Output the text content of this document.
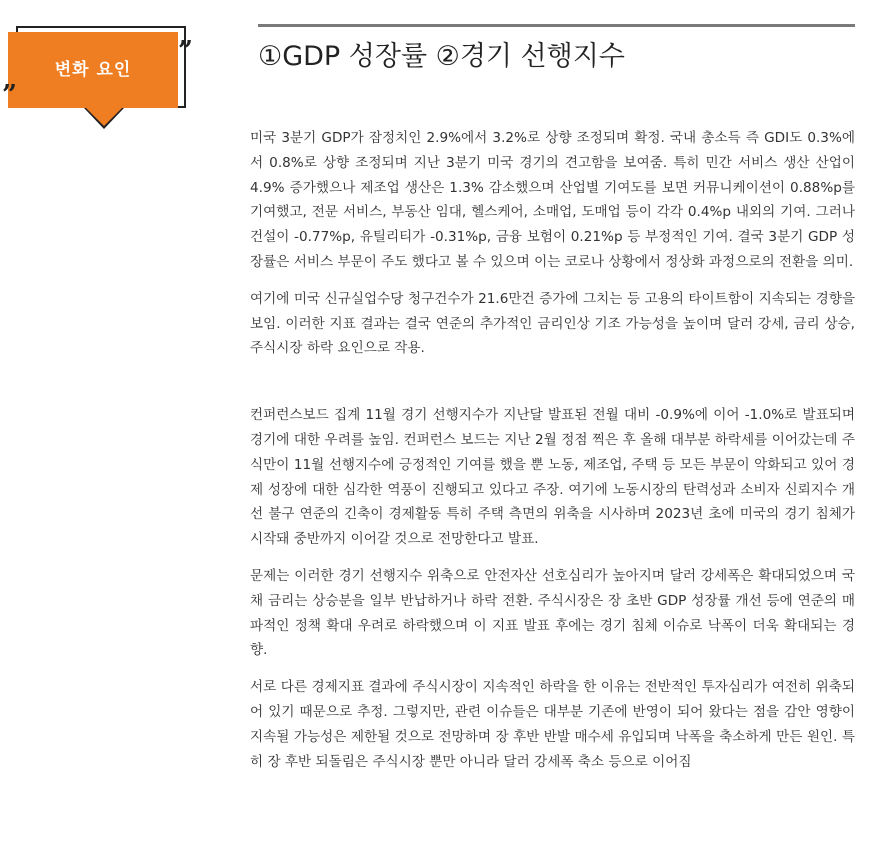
변화 요인
”
”
①GDP 성장률 ②경기 선행지수

미국 3분기 GDP가 잠정치인 2.9%에서 3.2%로 상향 조정되며 확정. 국내 총소득 즉 GDI도 0.3%에서 0.8%로 상향 조정되며 지난 3분기 미국 경기의 견고함을 보여줌. 특히 민간 서비스 생산 산업이 4.9% 증가했으나 제조업 생산은 1.3% 감소했으며 산업별 기여도를 보면 커뮤니케이션이 0.88%p를 기여했고, 전문 서비스, 부동산 임대, 헬스케어, 소매업, 도매업 등이 각각 0.4%p 내외의 기여. 그러나 건설이 -0.77%p, 유틸리티가 -0.31%p, 금융 보험이 0.21%p 등 부정적인 기여. 결국 3분기 GDP 성장률은 서비스 부문이 주도 했다고 볼 수 있으며 이는 코로나 상황에서 정상화 과정으로의 전환을 의미.

여기에 미국 신규실업수당 청구건수가 21.6만건 증가에 그치는 등 고용의 타이트함이 지속되는 경향을 보임. 이러한 지표 결과는 결국 연준의 추가적인 금리인상 기조 가능성을 높이며 달러 강세, 금리 상승, 주식시장 하락 요인으로 작용.

컨퍼런스보드 집계 11월 경기 선행지수가 지난달 발표된 전월 대비 -0.9%에 이어 -1.0%로 발표되며 경기에 대한 우려를 높임. 컨퍼런스 보드는 지난 2월 정점 찍은 후 올해 대부분 하락세를 이어갔는데 주식만이 11월 선행지수에 긍정적인 기여를 했을 뿐 노동, 제조업, 주택 등 모든 부문이 악화되고 있어 경제 성장에 대한 심각한 역풍이 진행되고 있다고 주장. 여기에 노동시장의 탄력성과 소비자 신뢰지수 개선 불구 연준의 긴축이 경제활동 특히 주택 측면의 위축을 시사하며 2023년 초에 미국의 경기 침체가 시작돼 중반까지 이어갈 것으로 전망한다고 발표.

문제는 이러한 경기 선행지수 위축으로 안전자산 선호심리가 높아지며 달러 강세폭은 확대되었으며 국채 금리는 상승분을 일부 반납하거나 하락 전환. 주식시장은 장 초반 GDP 성장률 개선 등에 연준의 매파적인 정책 확대 우려로 하락했으며 이 지표 발표 후에는 경기 침체 이슈로 낙폭이 더욱 확대되는 경향.

서로 다른 경제지표 결과에 주식시장이 지속적인 하락을 한 이유는 전반적인 투자심리가 여전히 위축되어 있기 때문으로 추정. 그렇지만, 관련 이슈들은 대부분 기존에 반영이 되어 왔다는 점을 감안 영향이 지속될 가능성은 제한될 것으로 전망하며 장 후반 반발 매수세 유입되며 낙폭을 축소하게 만든 원인. 특히 장 후반 되돌림은 주식시장 뿐만 아니라 달러 강세폭 축소 등으로 이어짐
